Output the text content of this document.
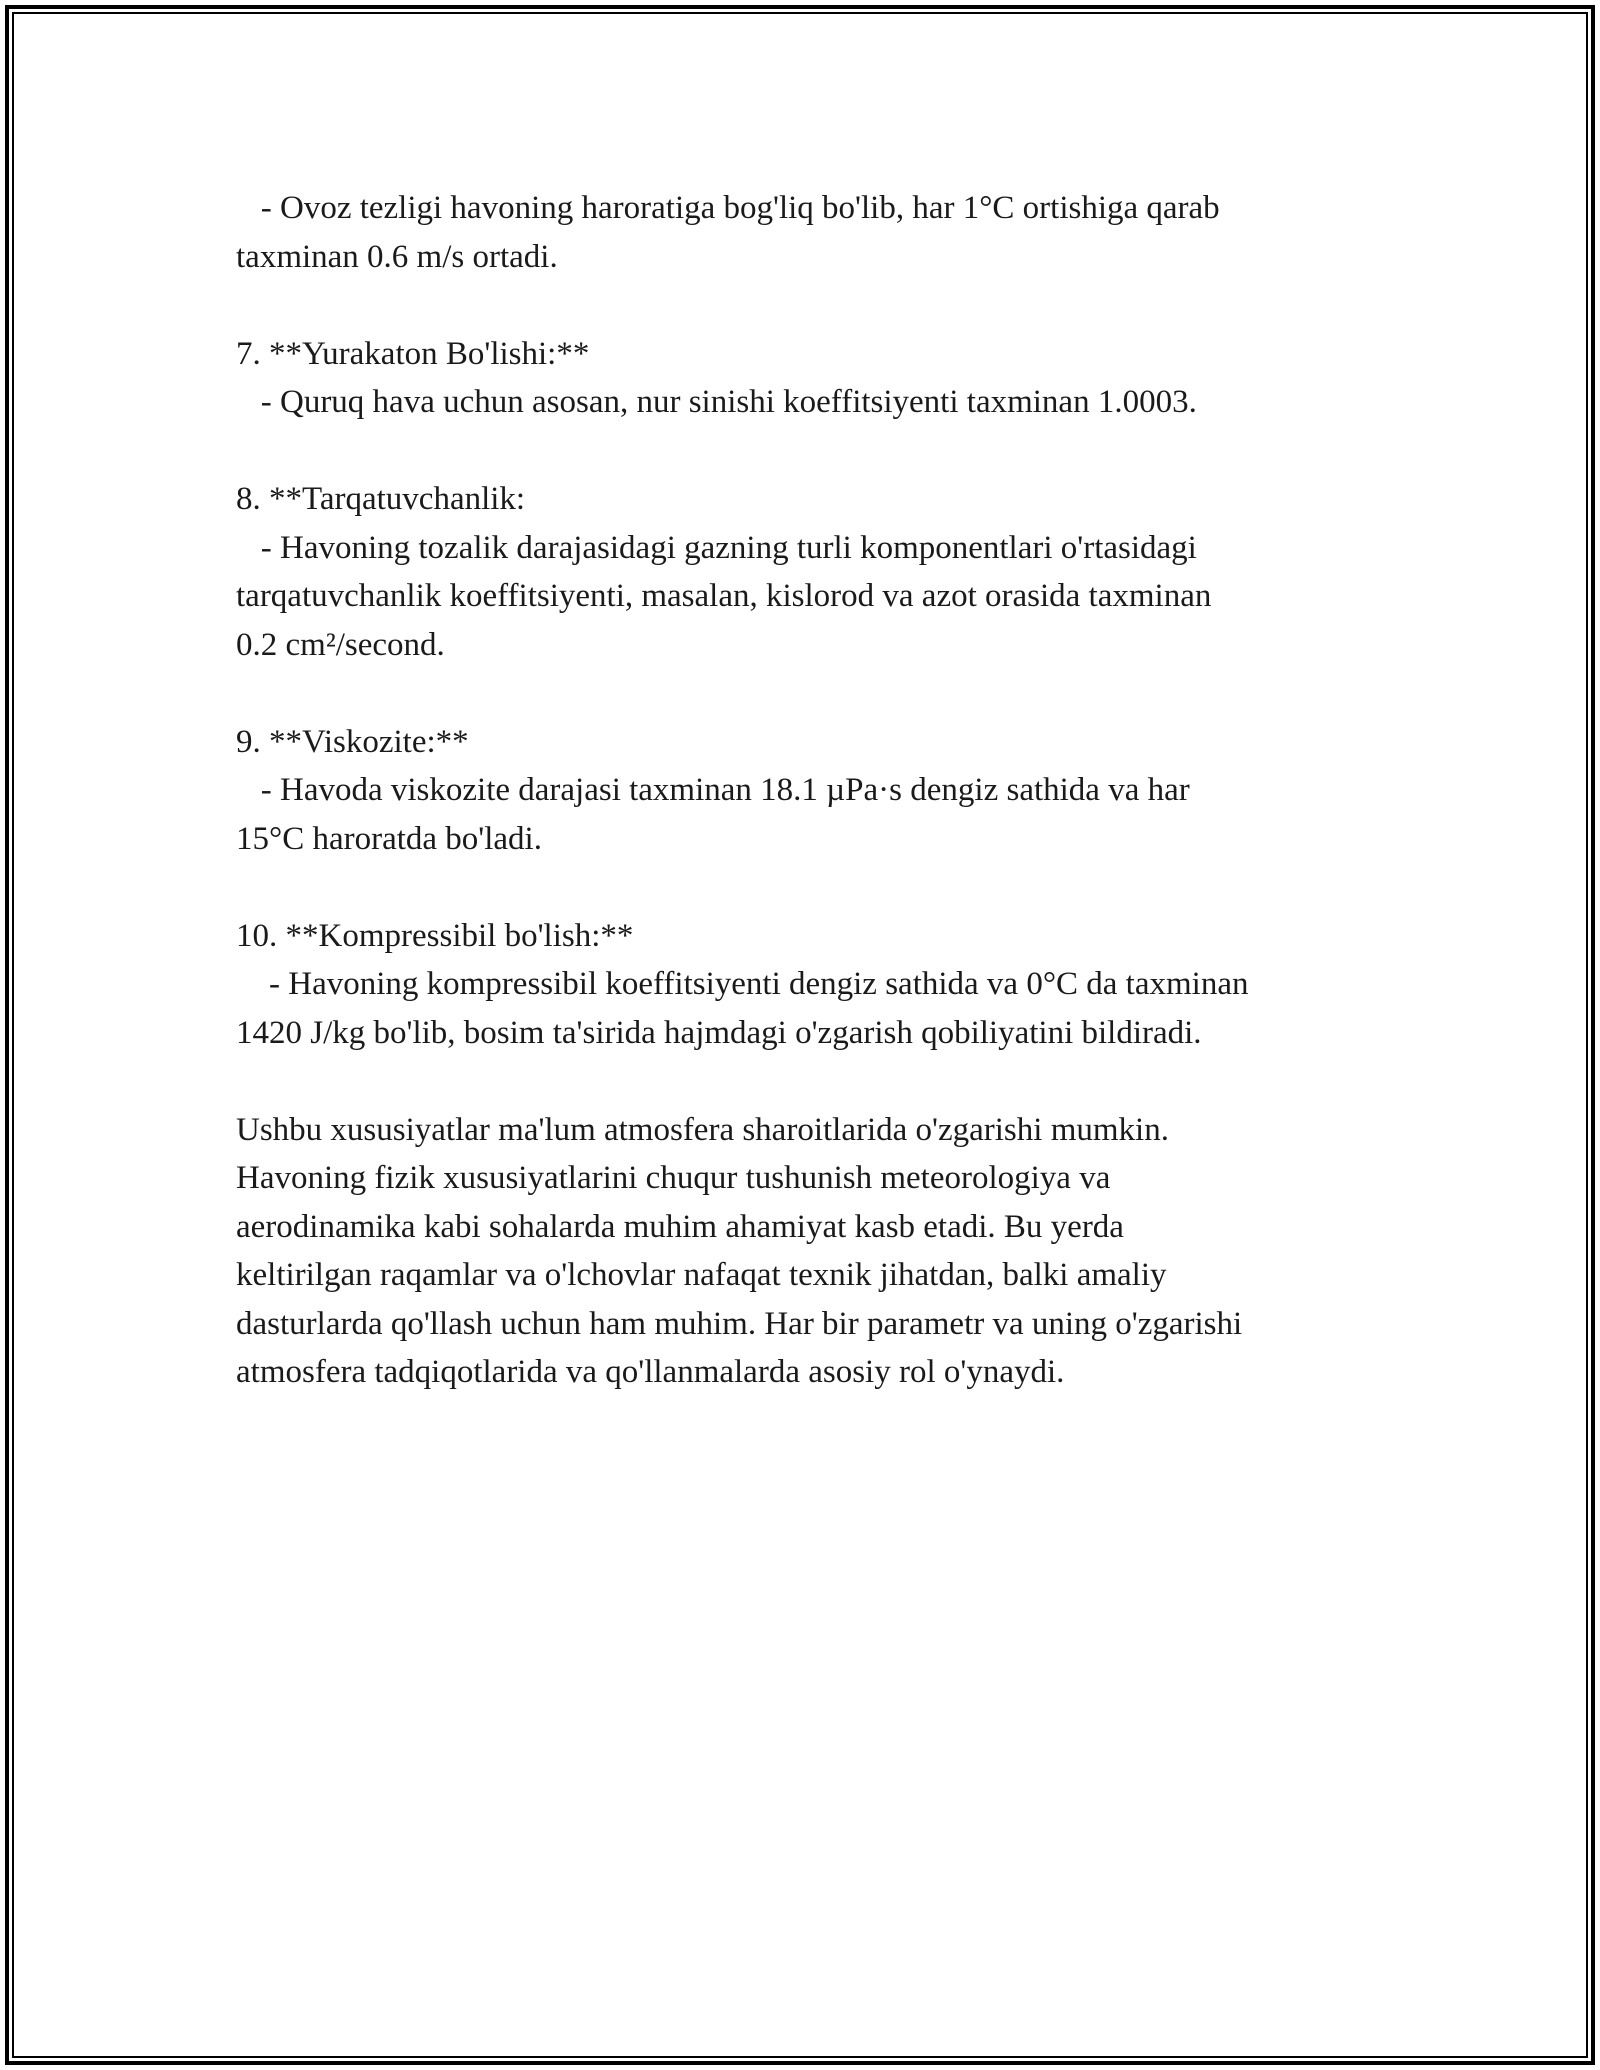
- Ovoz tezligi havoning haroratiga bog'liq bo'lib, har 1°C ortishiga qarab
taxminan 0.6 m/s ortadi.
7. **Yurakaton Bo'lishi:**
- Quruq hava uchun asosan, nur sinishi koeffitsiyenti taxminan 1.0003.
8. **Tarqatuvchanlik:
- Havoning tozalik darajasidagi gazning turli komponentlari o'rtasidagi
tarqatuvchanlik koeffitsiyenti, masalan, kislorod va azot orasida taxminan
0.2 cm²/second.
9. **Viskozite:**
- Havoda viskozite darajasi taxminan 18.1 µPa·s dengiz sathida va har
15°C haroratda bo'ladi.
10. **Kompressibil bo'lish:**
- Havoning kompressibil koeffitsiyenti dengiz sathida va 0°C da taxminan
1420 J/kg bo'lib, bosim ta'sirida hajmdagi o'zgarish qobiliyatini bildiradi.
Ushbu xususiyatlar ma'lum atmosfera sharoitlarida o'zgarishi mumkin.
Havoning fizik xususiyatlarini chuqur tushunish meteorologiya va
aerodinamika kabi sohalarda muhim ahamiyat kasb etadi. Bu yerda
keltirilgan raqamlar va o'lchovlar nafaqat texnik jihatdan, balki amaliy
dasturlarda qo'llash uchun ham muhim. Har bir parametr va uning o'zgarishi
atmosfera tadqiqotlarida va qo'llanmalarda asosiy rol o'ynaydi.
